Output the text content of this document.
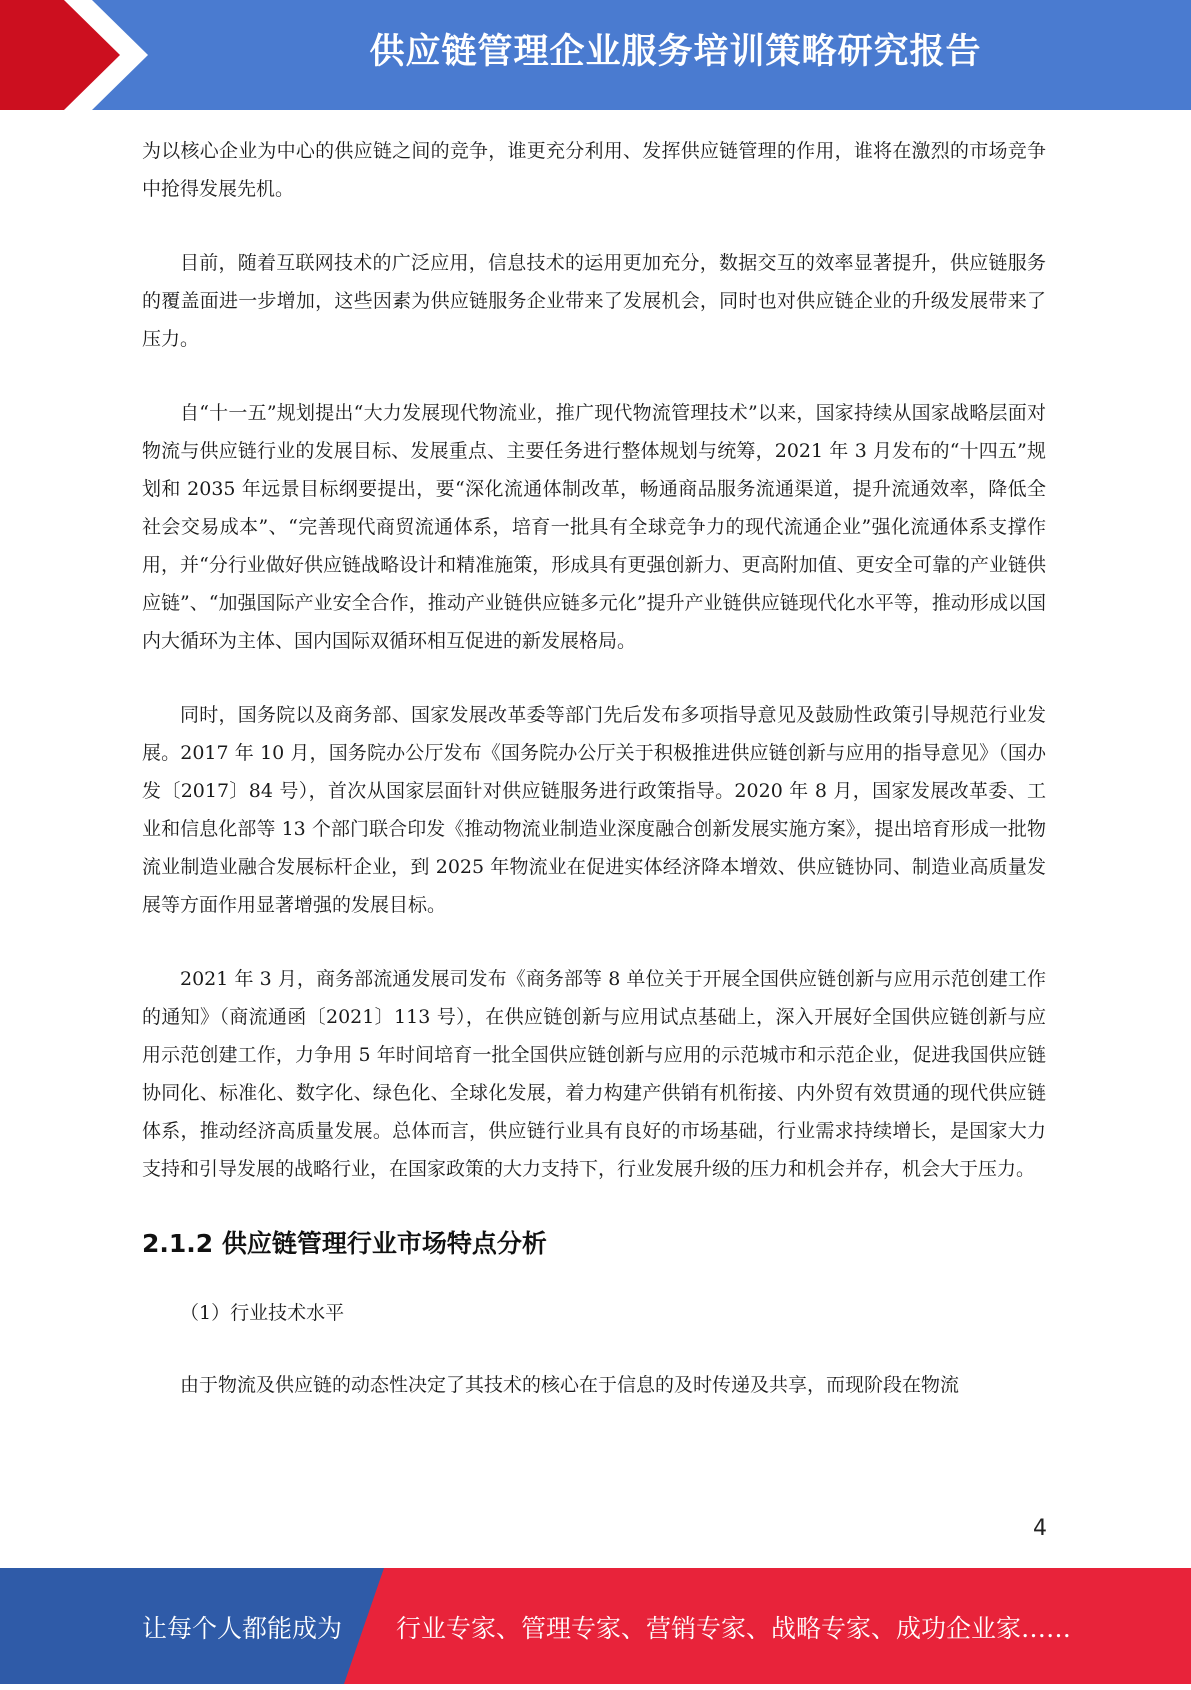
供应链管理企业服务培训策略研究报告

为以核心企业为中心的供应链之间的竞争，谁更充分利用、发挥供应链管理的作用，谁将在激烈的市场竞争中抢得发展先机。

目前，随着互联网技术的广泛应用，信息技术的运用更加充分，数据交互的效率显著提升，供应链服务的覆盖面进一步增加，这些因素为供应链服务企业带来了发展机会，同时也对供应链企业的升级发展带来了压力。

自“十一五”规划提出“大力发展现代物流业，推广现代物流管理技术”以来，国家持续从国家战略层面对物流与供应链行业的发展目标、发展重点、主要任务进行整体规划与统筹，2021 年 3 月发布的“十四五”规划和 2035 年远景目标纲要提出，要“深化流通体制改革，畅通商品服务流通渠道，提升流通效率，降低全社会交易成本”、“完善现代商贸流通体系，培育一批具有全球竞争力的现代流通企业”强化流通体系支撑作用，并“分行业做好供应链战略设计和精准施策，形成具有更强创新力、更高附加值、更安全可靠的产业链供应链”、“加强国际产业安全合作，推动产业链供应链多元化”提升产业链供应链现代化水平等，推动形成以国内大循环为主体、国内国际双循环相互促进的新发展格局。

同时，国务院以及商务部、国家发展改革委等部门先后发布多项指导意见及鼓励性政策引导规范行业发展。2017 年 10 月，国务院办公厅发布《国务院办公厅关于积极推进供应链创新与应用的指导意见》（国办发〔2017〕84 号），首次从国家层面针对供应链服务进行政策指导。2020 年 8 月，国家发展改革委、工业和信息化部等 13 个部门联合印发《推动物流业制造业深度融合创新发展实施方案》，提出培育形成一批物流业制造业融合发展标杆企业，到 2025 年物流业在促进实体经济降本增效、供应链协同、制造业高质量发展等方面作用显著增强的发展目标。

2021 年 3 月，商务部流通发展司发布《商务部等 8 单位关于开展全国供应链创新与应用示范创建工作的通知》（商流通函〔2021〕113 号），在供应链创新与应用试点基础上，深入开展好全国供应链创新与应用示范创建工作，力争用 5 年时间培育一批全国供应链创新与应用的示范城市和示范企业，促进我国供应链协同化、标准化、数字化、绿色化、全球化发展，着力构建产供销有机衔接、内外贸有效贯通的现代供应链体系，推动经济高质量发展。总体而言，供应链行业具有良好的市场基础，行业需求持续增长，是国家大力支持和引导发展的战略行业，在国家政策的大力支持下，行业发展升级的压力和机会并存，机会大于压力。

2.1.2 供应链管理行业市场特点分析
（1）行业技术水平

由于物流及供应链的动态性决定了其技术的核心在于信息的及时传递及共享，而现阶段在物流

4
让每个人都能成为 行业专家、管理专家、营销专家、战略专家、成功企业家……
